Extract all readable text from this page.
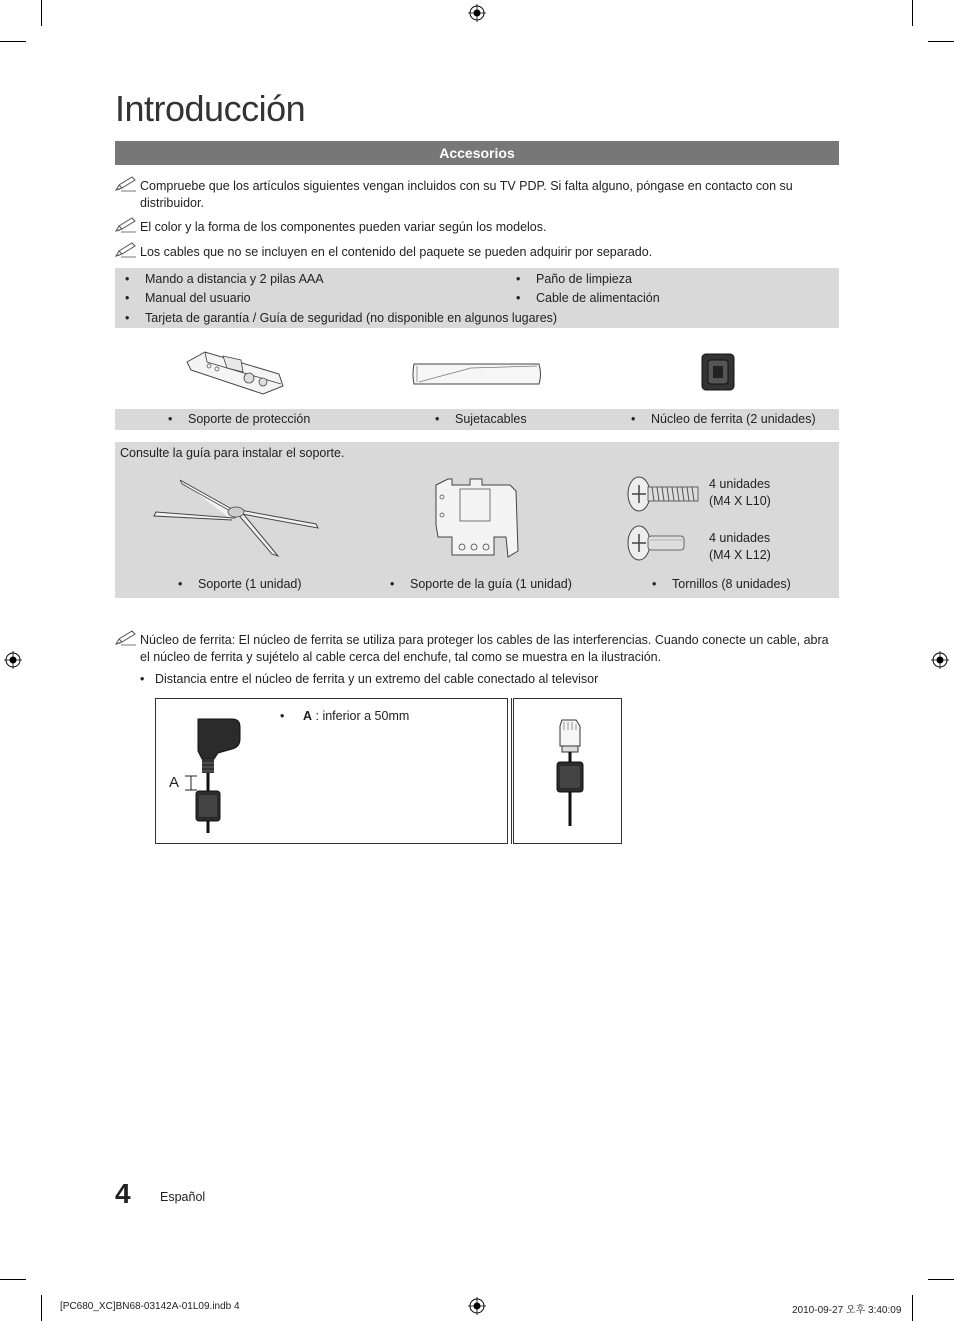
Introducción
Accesorios
Compruebe que los artículos siguientes vengan incluidos con su TV PDP. Si falta alguno, póngase en contacto con su distribuidor.
El color y la forma de los componentes pueden variar según los modelos.
Los cables que no se incluyen en el contenido del paquete se pueden adquirir por separado.
• Mando a distancia y 2 pilas AAA
• Manual del usuario
• Tarjeta de garantía / Guía de seguridad (no disponible en algunos lugares)
• Paño de limpieza
• Cable de alimentación
• Soporte de protección	• Sujetacables	• Núcleo de ferrita (2 unidades)
Consulte la guía para instalar el soporte.
4 unidades
(M4 X L10)
4 unidades
(M4 X L12)
• Soporte (1 unidad)	• Soporte de la guía (1 unidad)	• Tornillos (8 unidades)
Núcleo de ferrita: El núcleo de ferrita se utiliza para proteger los cables de las interferencias. Cuando conecte un cable, abra el núcleo de ferrita y sujételo al cable cerca del enchufe, tal como se muestra en la ilustración.
• Distancia entre el núcleo de ferrita y un extremo del cable conectado al televisor
A
• A : inferior a 50mm
4 Español
[PC680_XC]BN68-03142A-01L09.indb 4	2010-09-27 오후 3:40:09
